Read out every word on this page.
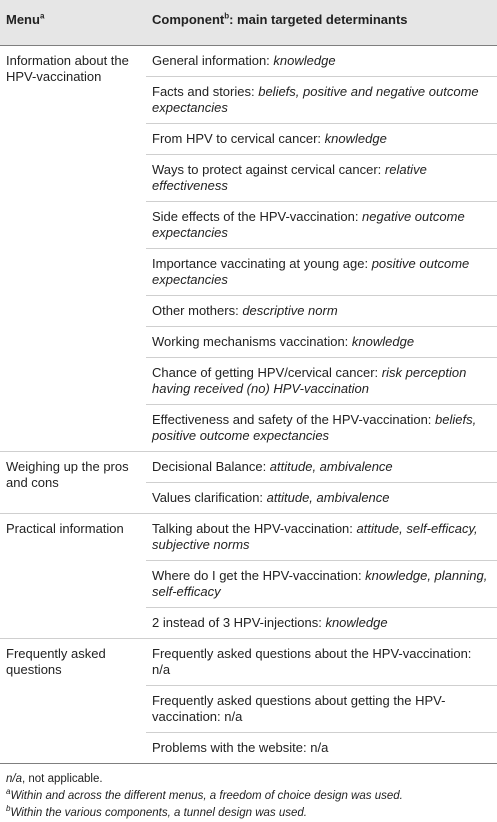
Menu$^a$	Component$^b$: main targeted determinants
Information about the HPV-vaccination
General information: knowledge
Facts and stories: beliefs, positive and negative outcome expectancies
From HPV to cervical cancer: knowledge
Ways to protect against cervical cancer: relative effectiveness
Side effects of the HPV-vaccination: negative outcome expectancies
Importance vaccinating at young age: positive outcome expectancies
Other mothers: descriptive norm
Working mechanisms vaccination: knowledge
Chance of getting HPV/cervical cancer: risk perception having received (no) HPV-vaccination
Effectiveness and safety of the HPV-vaccination: beliefs, positive outcome expectancies
Weighing up the pros and cons
Decisional Balance: attitude, ambivalence
Values clarification: attitude, ambivalence
Practical information	Talking about the HPV-vaccination: attitude, self-efficacy, subjective norms
Where do I get the HPV-vaccination: knowledge, planning, self-efficacy
2 instead of 3 HPV-injections: knowledge
Frequently asked questions
Frequently asked questions about the HPV-vaccination: n/a
Frequently asked questions about getting the HPV-vaccination: n/a
Problems with the website: n/a
n/a, not applicable.
$^a$Within and across the different menus, a freedom of choice design was used.
$^b$Within the various components, a tunnel design was used.
